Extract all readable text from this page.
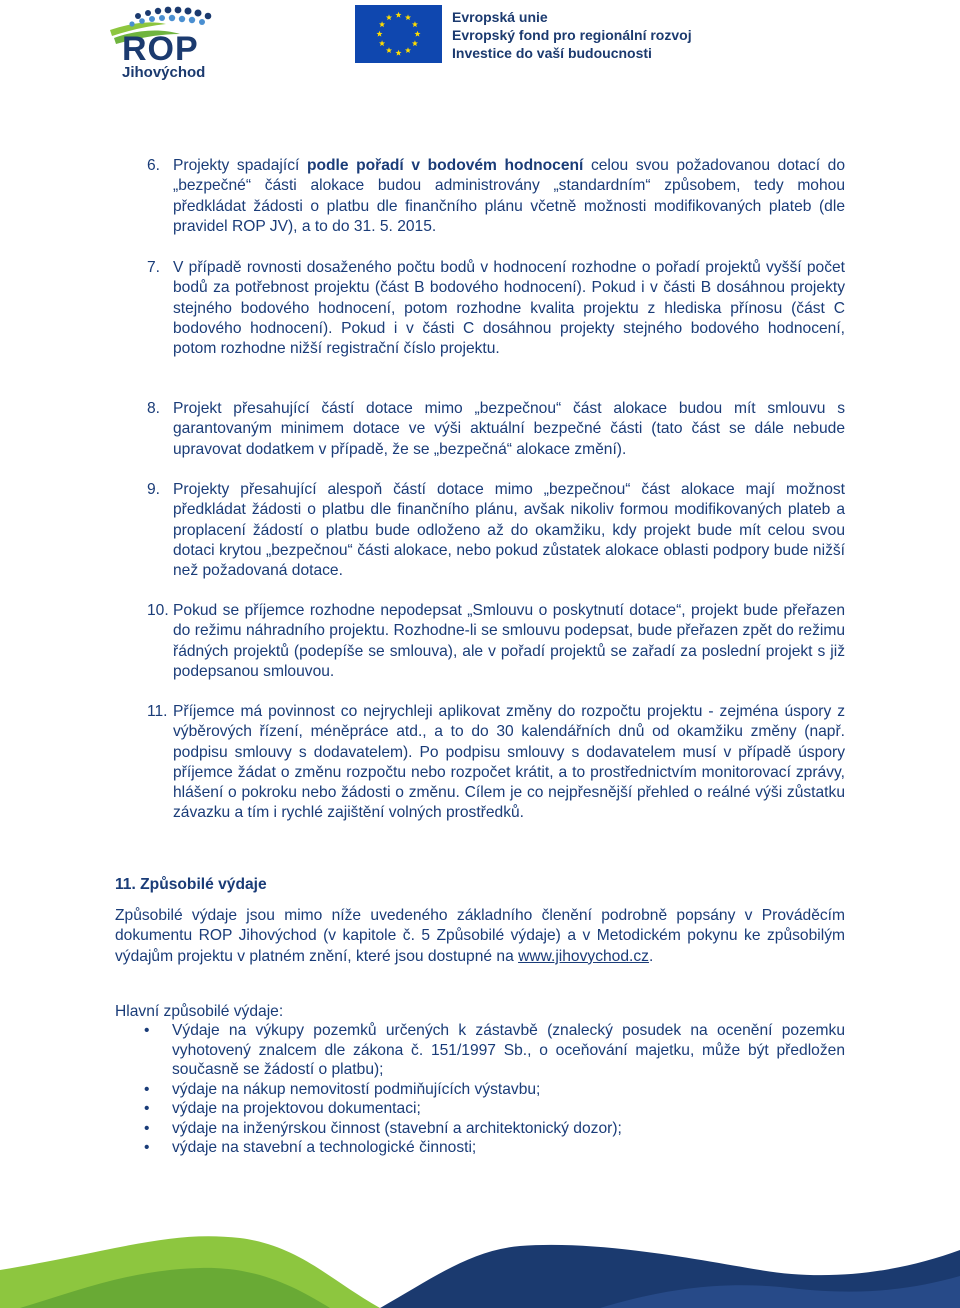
ROP
Jihovýchod
Evropská unie
Evropský fond pro regionální rozvoj
Investice do vaší budoucnosti
6. Projekty spadající podle pořadí v bodovém hodnocení celou svou požadovanou dotací do „bezpečné“ části alokace budou administrovány „standardním“ způsobem, tedy mohou předkládat žádosti o platbu dle finančního plánu včetně možnosti modifikovaných plateb (dle pravidel ROP JV), a to do 31. 5. 2015.
7. V případě rovnosti dosaženého počtu bodů v hodnocení rozhodne o pořadí projektů vyšší počet bodů za potřebnost projektu (část B bodového hodnocení). Pokud i v části B dosáhnou projekty stejného bodového hodnocení, potom rozhodne kvalita projektu z hlediska přínosu (část C bodového hodnocení). Pokud i v části C dosáhnou projekty stejného bodového hodnocení, potom rozhodne nižší registrační číslo projektu.
8. Projekt přesahující částí dotace mimo „bezpečnou“ část alokace budou mít smlouvu s garantovaným minimem dotace ve výši aktuální bezpečné části (tato část se dále nebude upravovat dodatkem v případě, že se „bezpečná“ alokace změní).
9. Projekty přesahující alespoň částí dotace mimo „bezpečnou“ část alokace mají možnost předkládat žádosti o platbu dle finančního plánu, avšak nikoliv formou modifikovaných plateb a proplacení žádostí o platbu bude odloženo až do okamžiku, kdy projekt bude mít celou svou dotaci krytou „bezpečnou“ části alokace, nebo pokud zůstatek alokace oblasti podpory bude nižší než požadovaná dotace.
10. Pokud se příjemce rozhodne nepodepsat „Smlouvu o poskytnutí dotace“, projekt bude přeřazen do režimu náhradního projektu. Rozhodne-li se smlouvu podepsat, bude přeřazen zpět do režimu řádných projektů (podepíše se smlouva), ale v pořadí projektů se zařadí za poslední projekt s již podepsanou smlouvou.
11. Příjemce má povinnost co nejrychleji aplikovat změny do rozpočtu projektu - zejména úspory z výběrových řízení, méněpráce atd., a to do 30 kalendářních dnů od okamžiku změny (např. podpisu smlouvy s dodavatelem). Po podpisu smlouvy s dodavatelem musí v případě úspory příjemce žádat o změnu rozpočtu nebo rozpočet krátit, a to prostřednictvím monitorovací zprávy, hlášení o pokroku nebo žádosti o změnu. Cílem je co nejpřesnější přehled o reálné výši zůstatku závazku a tím i rychlé zajištění volných prostředků.
11. Způsobilé výdaje
Způsobilé výdaje jsou mimo níže uvedeného základního členění podrobně popsány v Prováděcím dokumentu ROP Jihovýchod (v kapitole č. 5 Způsobilé výdaje) a v Metodickém pokynu ke způsobilým výdajům projektu v platném znění, které jsou dostupné na www.jihovychod.cz.
Hlavní způsobilé výdaje:
• Výdaje na výkupy pozemků určených k zástavbě (znalecký posudek na ocenění pozemku vyhotovený znalcem dle zákona č. 151/1997 Sb., o oceňování majetku, může být předložen současně se žádostí o platbu);
• výdaje na nákup nemovitostí podmiňujících výstavbu;
• výdaje na projektovou dokumentaci;
• výdaje na inženýrskou činnost (stavební a architektonický dozor);
• výdaje na stavební a technologické činnosti;
